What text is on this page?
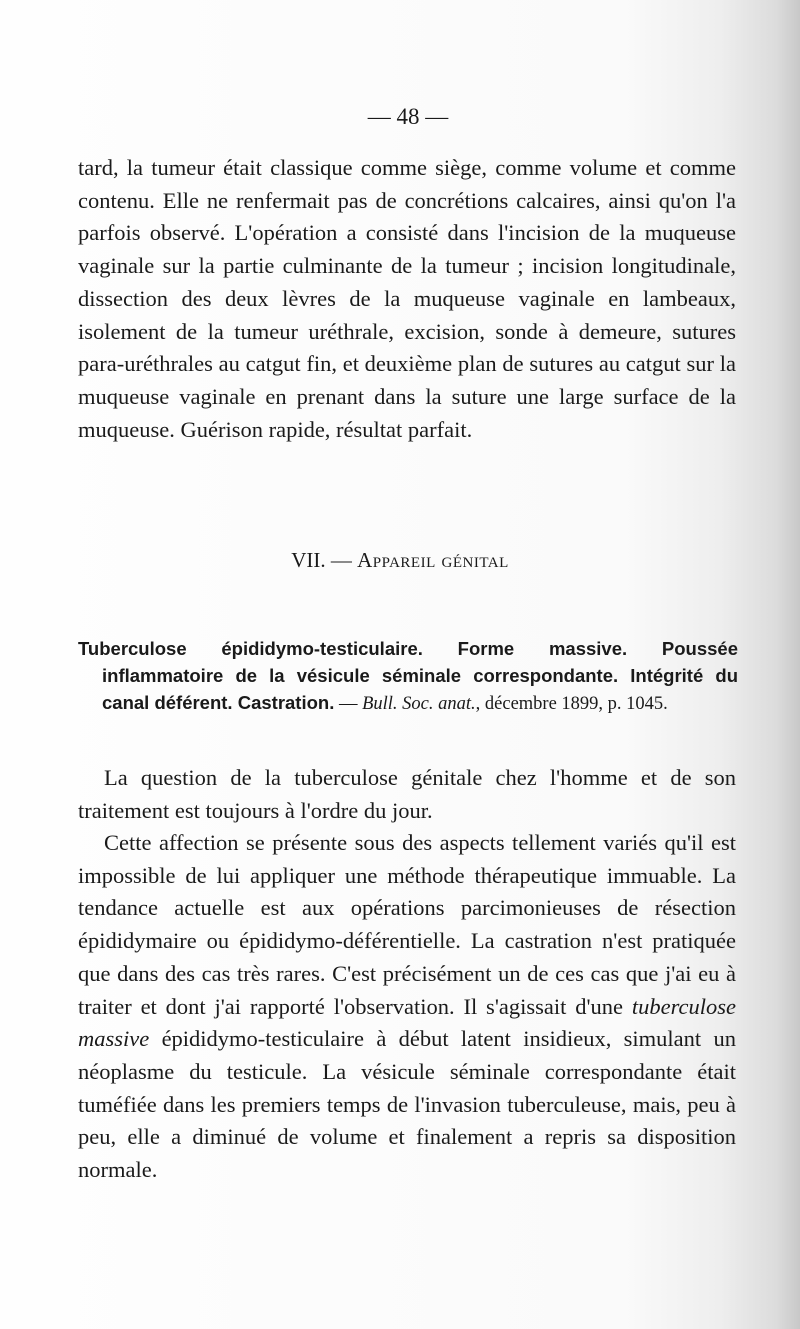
— 48 —

tard, la tumeur était classique comme siège, comme volume et comme contenu. Elle ne renfermait pas de concrétions calcaires, ainsi qu'on l'a parfois observé. L'opération a consisté dans l'incision de la muqueuse vaginale sur la partie culminante de la tumeur ; incision longitudinale, dissection des deux lèvres de la muqueuse vaginale en lambeaux, isolement de la tumeur uréthrale, excision, sonde à demeure, sutures para-uréthrales au catgut fin, et deuxième plan de sutures au catgut sur la muqueuse vaginale en prenant dans la suture une large surface de la muqueuse. Guérison rapide, résultat parfait.

VII. — Appareil génital
Tuberculose épididymo-testiculaire. Forme massive. Poussée inflammatoire de la vésicule séminale correspondante. Intégrité du canal déférent. Castration. — Bull. Soc. anat., décembre 1899, p. 1045.

La question de la tuberculose génitale chez l'homme et de son traitement est toujours à l'ordre du jour.

Cette affection se présente sous des aspects tellement variés qu'il est impossible de lui appliquer une méthode thérapeutique immuable. La tendance actuelle est aux opérations parcimonieuses de résection épididymaire ou épididymo-déférentielle. La castration n'est pratiquée que dans des cas très rares. C'est précisément un de ces cas que j'ai eu à traiter et dont j'ai rapporté l'observation. Il s'agissait d'une tuberculose massive épididymo-testiculaire à début latent insidieux, simulant un néoplasme du testicule. La vésicule séminale correspondante était tuméfiée dans les premiers temps de l'invasion tuberculeuse, mais, peu à peu, elle a diminué de volume et finalement a repris sa disposition normale.
